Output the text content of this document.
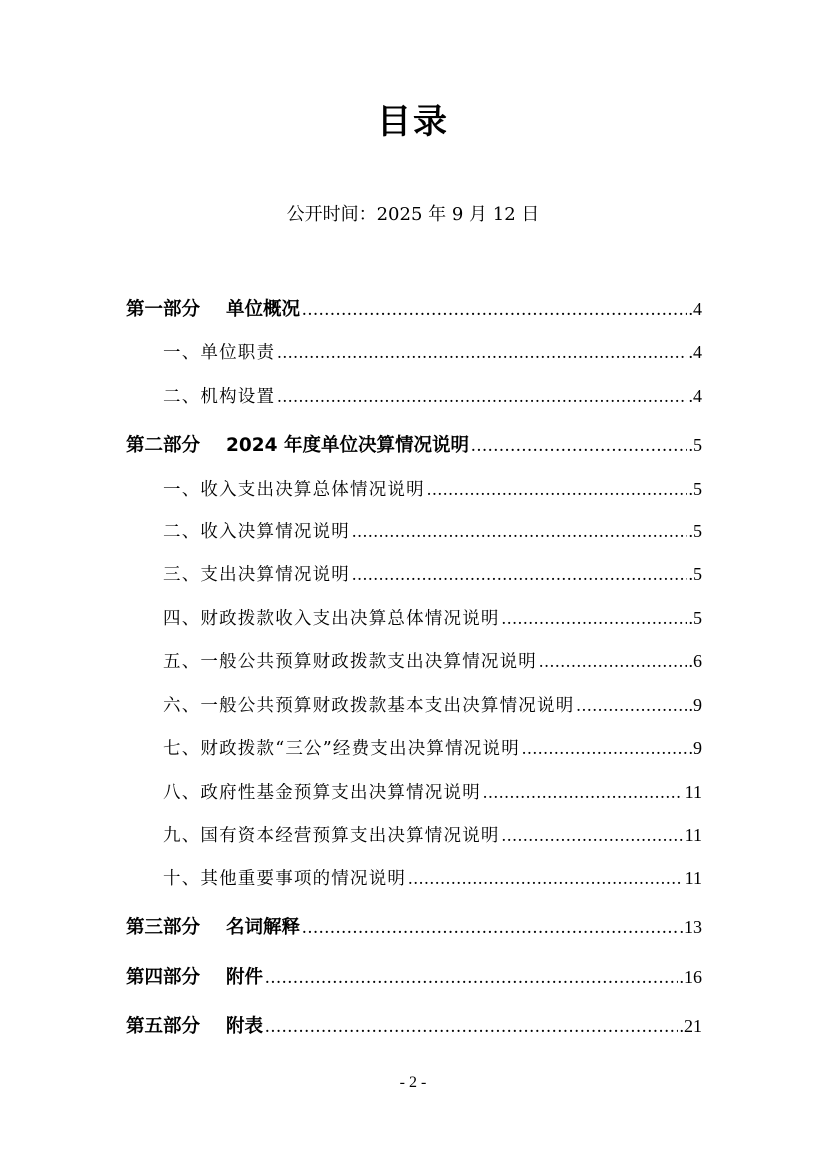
目录
公开时间：2025 年 9 月 12 日
第一部分 单位概况 .....	.4
一、单位职责 .....	.4
二、机构设置 .....	.4
第二部分 2024 年度单位决算情况说明 .....	.5
一、收入支出决算总体情况说明 .....	.5
二、收入决算情况说明 .....	.5
三、支出决算情况说明 .....	.5
四、财政拨款收入支出决算总体情况说明 .....	.5
五、一般公共预算财政拨款支出决算情况说明 .....	.6
六、一般公共预算财政拨款基本支出决算情况说明 .....	.9
七、财政拨款“三公”经费支出决算情况说明 .....	.9
八、政府性基金预算支出决算情况说明 .....	11
九、国有资本经营预算支出决算情况说明 .....	11
十、其他重要事项的情况说明 .....	11
第三部分 名词解释 .....	.13
第四部分 附件 .....	.16
第五部分 附表 .....	.21
- 2 -
